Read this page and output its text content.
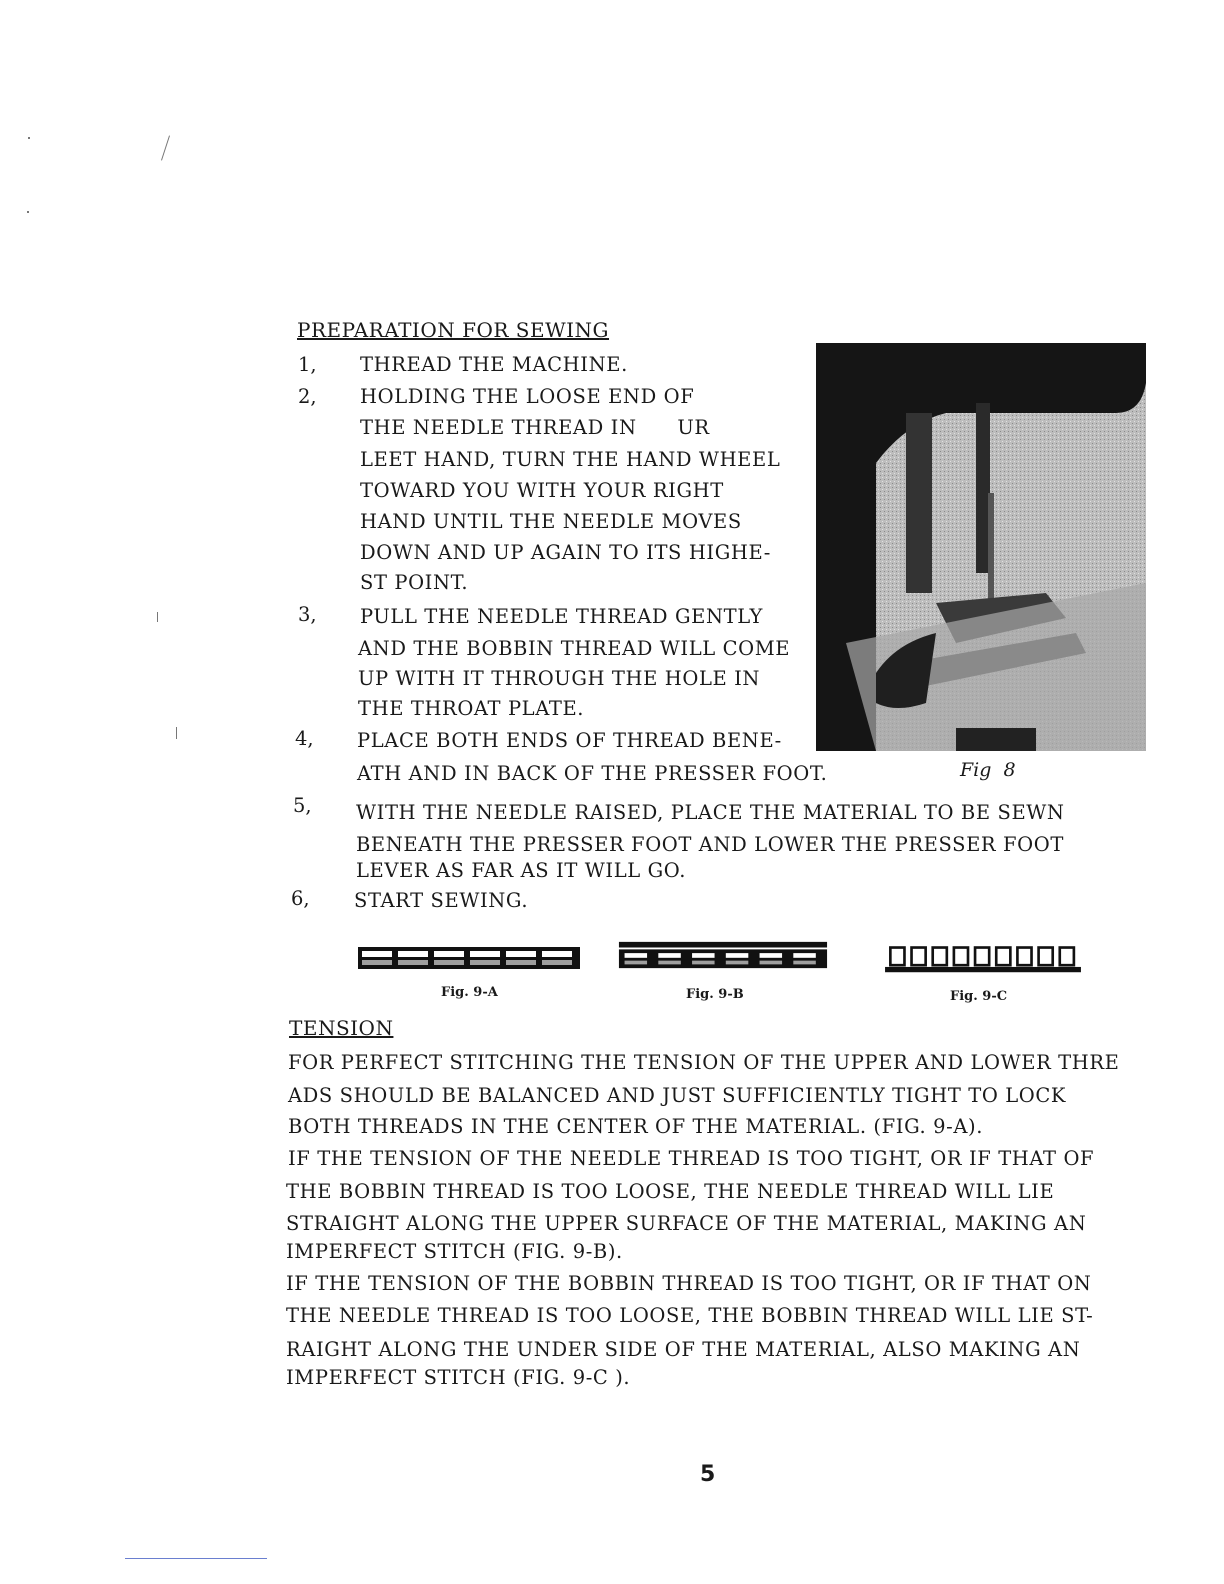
PREPARATION FOR SEWING
1, THREAD THE MACHINE.
2, HOLDING THE LOOSE END OF
THE NEEDLE THREAD IN      UR
LEET HAND, TURN THE HAND WHEEL
TOWARD YOU WITH YOUR RIGHT
HAND UNTIL THE NEEDLE MOVES
DOWN AND UP AGAIN TO ITS HIGHE-
ST POINT.
3, PULL THE NEEDLE THREAD GENTLY
AND THE BOBBIN THREAD WILL COME
UP WITH IT THROUGH THE HOLE IN
THE THROAT PLATE.
4, PLACE BOTH ENDS OF THREAD BENE-
ATH AND IN BACK OF THE PRESSER FOOT.	Fig  8
5, WITH THE NEEDLE RAISED, PLACE THE MATERIAL TO BE SEWN
BENEATH THE PRESSER FOOT AND LOWER THE PRESSER FOOT
LEVER AS FAR AS IT WILL GO.
6, START SEWING.
Fig. 9-A	Fig. 9-B	Fig. 9-C
TENSION
FOR PERFECT STITCHING THE TENSION OF THE UPPER AND LOWER THRE
ADS SHOULD BE BALANCED AND JUST SUFFICIENTLY TIGHT TO LOCK
BOTH THREADS IN THE CENTER OF THE MATERIAL. (FIG. 9-A).
IF THE TENSION OF THE NEEDLE THREAD IS TOO TIGHT, OR IF THAT OF
THE BOBBIN THREAD IS TOO LOOSE, THE NEEDLE THREAD WILL LIE
STRAIGHT ALONG THE UPPER SURFACE OF THE MATERIAL, MAKING AN
IMPERFECT STITCH (FIG. 9-B).
IF THE TENSION OF THE BOBBIN THREAD IS TOO TIGHT, OR IF THAT ON
THE NEEDLE THREAD IS TOO LOOSE, THE BOBBIN THREAD WILL LIE ST-
RAIGHT ALONG THE UNDER SIDE OF THE MATERIAL, ALSO MAKING AN
IMPERFECT STITCH (FIG. 9-C ).
5
